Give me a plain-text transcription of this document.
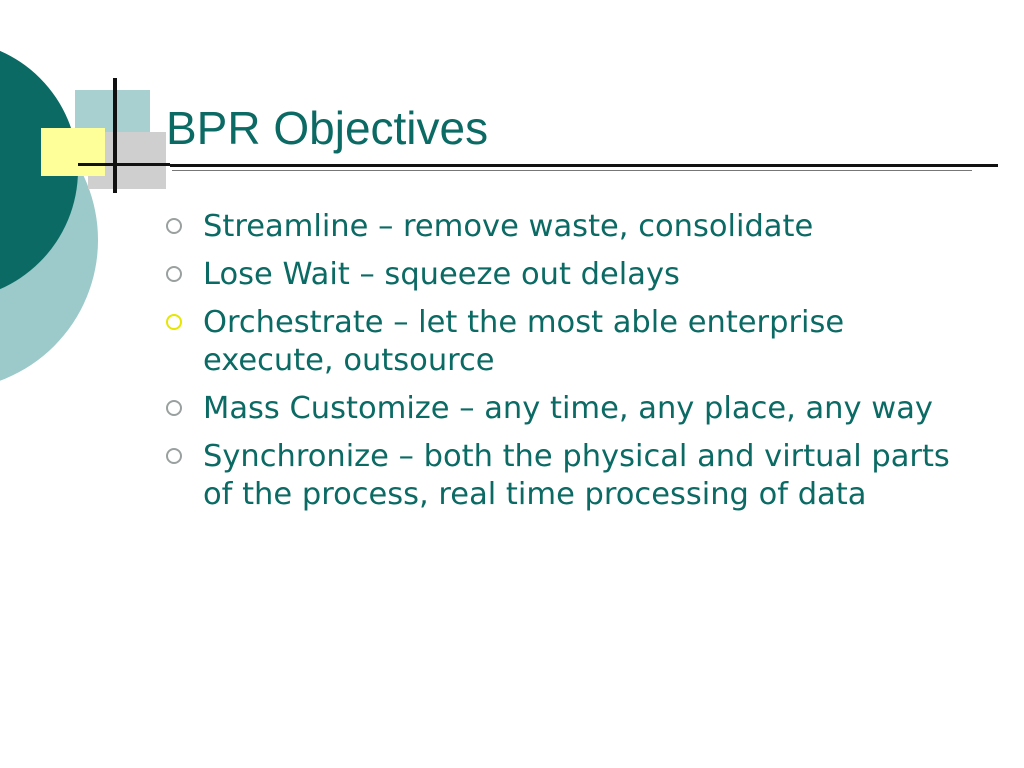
BPR Objectives
Streamline – remove waste, consolidate
Lose Wait – squeeze out delays
Orchestrate – let the most able enterprise execute, outsource
Mass Customize – any time, any place, any way
Synchronize – both the physical and virtual parts of the process, real time processing of data
